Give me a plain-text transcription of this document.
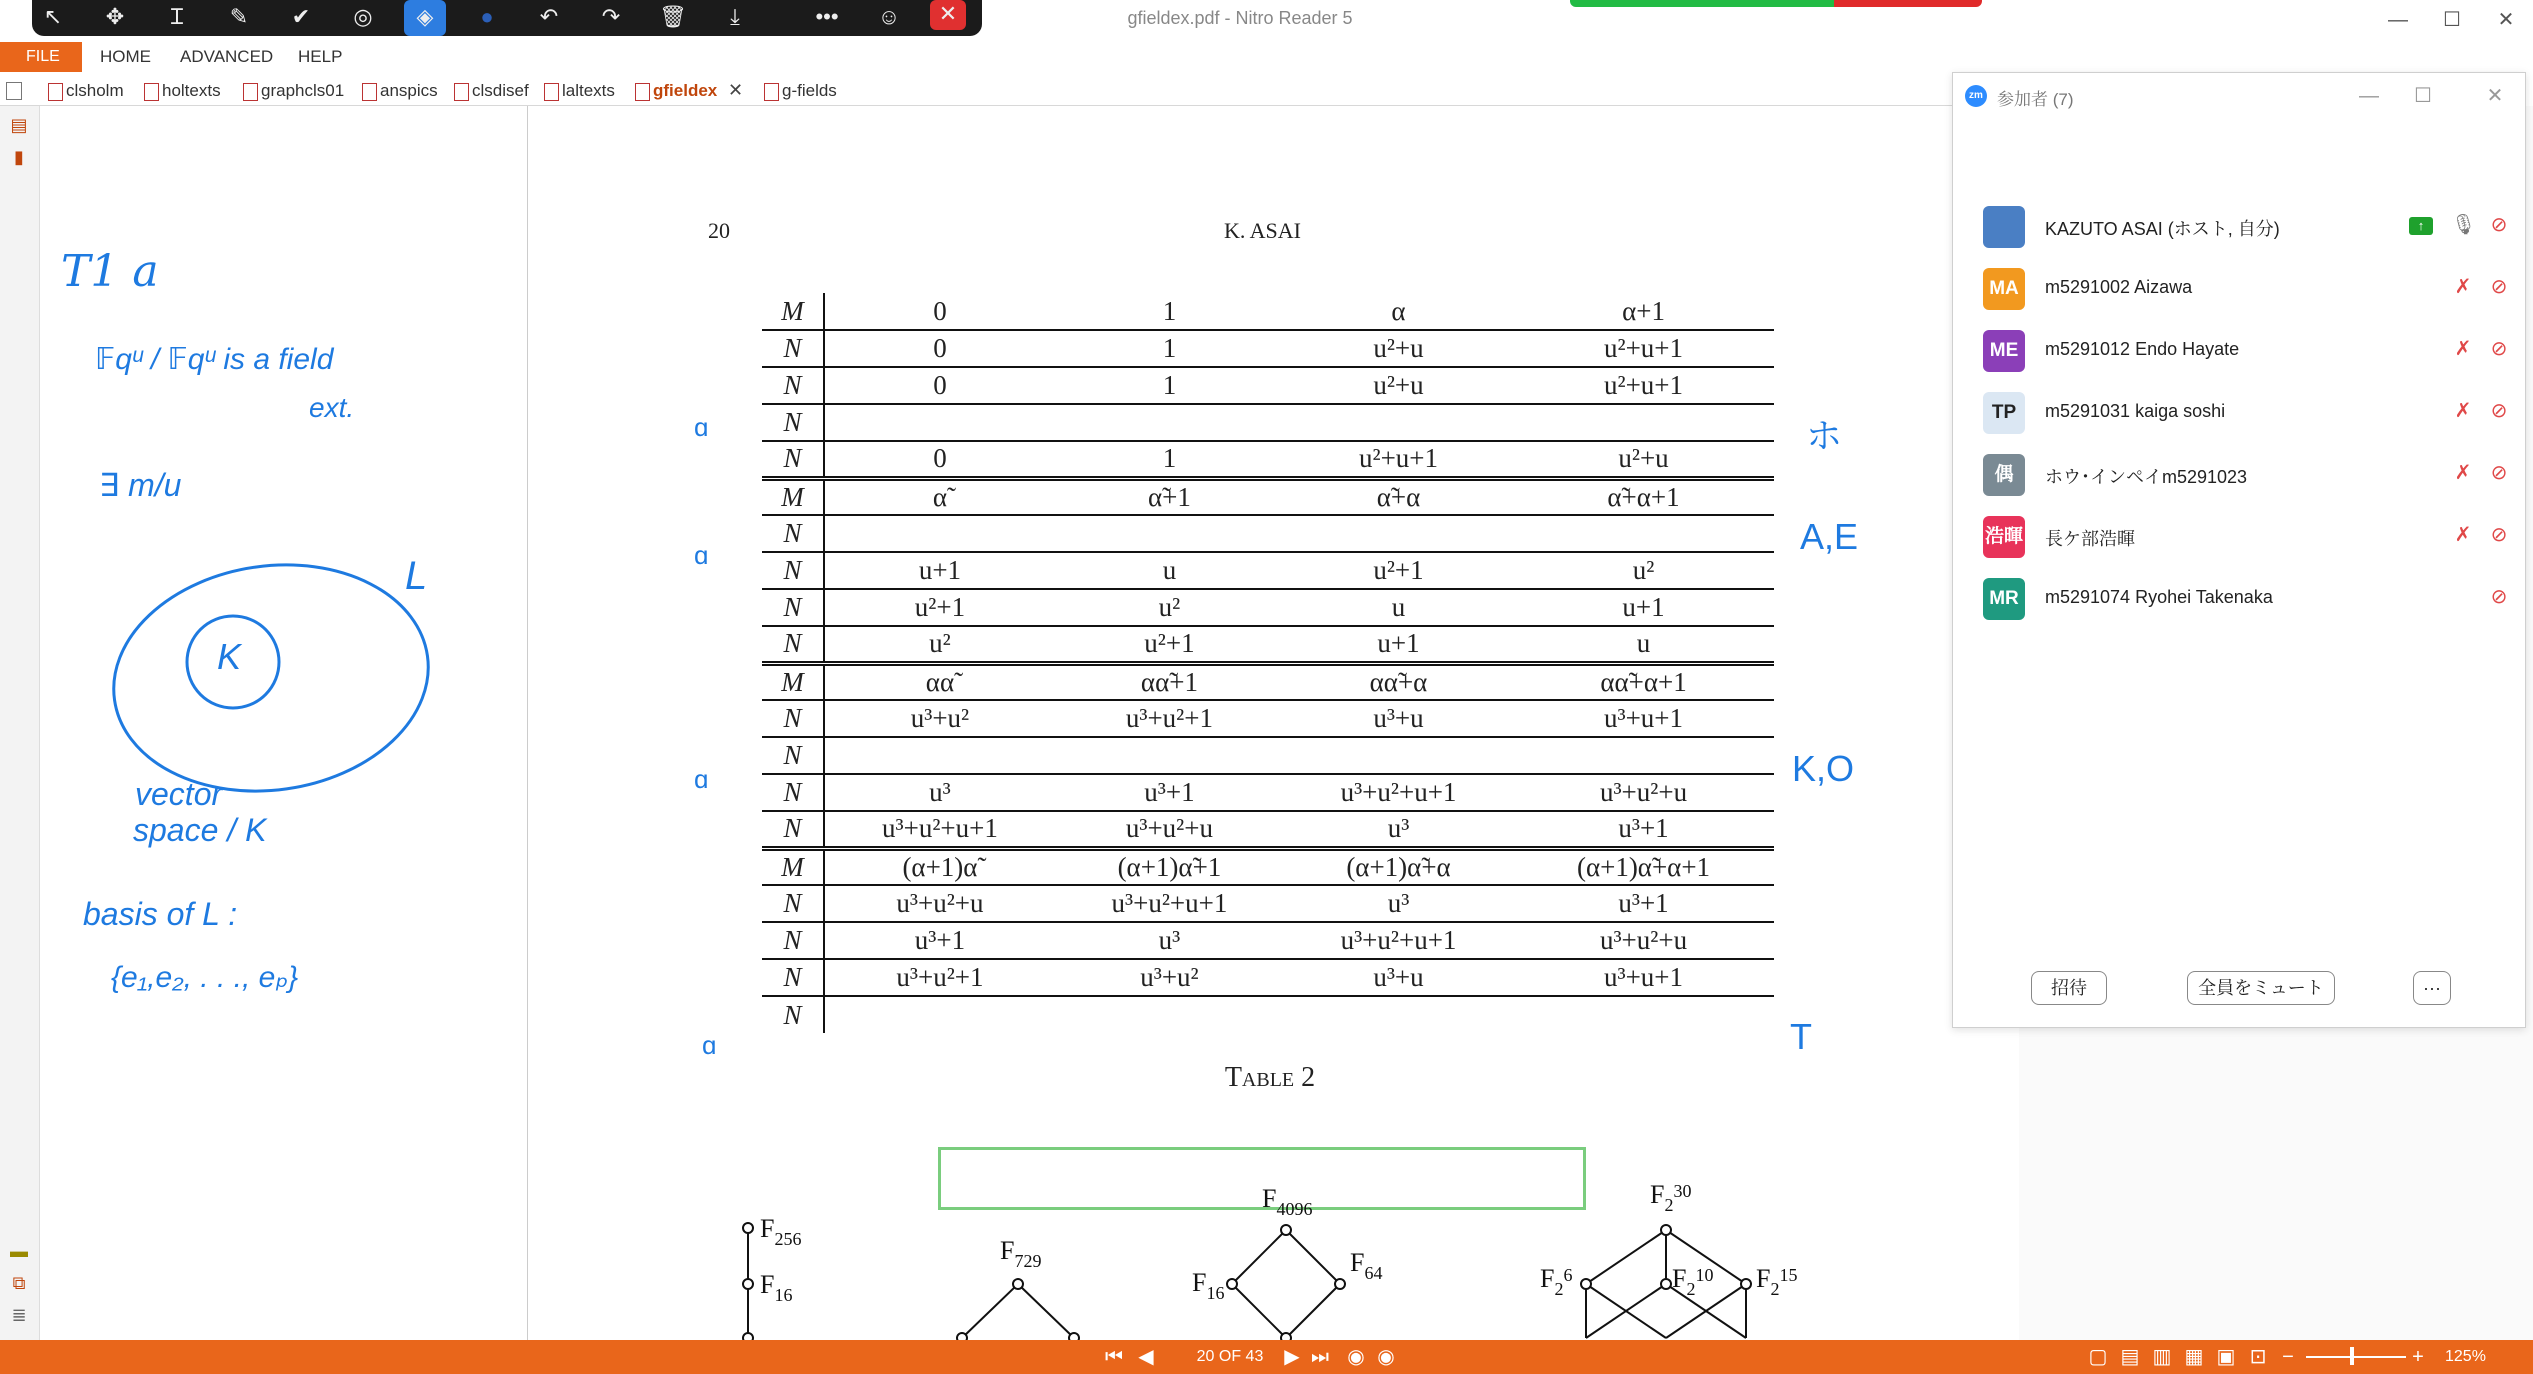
gfieldex.pdf - Nitro Reader 5	—	☐	✕
↖	✥	Ɪ	✎	✔	◎	◈	●	↶	↷	🗑	⤓	•••	☺	✕
FILE	HOME ADVANCED HELP
clsholm	holtexts	graphcls01	anspics	clsdisef	laltexts	gfieldex ✕	g-fields
▤
▮
▬
⧉
≣
T1 a
𝔽qᵘ / 𝔽qᵘ is a field
ext.
∃ m/u
L
K
vector
space / K
basis of L :
{e₁,e₂, . . ., eₚ}
20	K. ASAI
M	0	1	α	α+1
N	0	1	u²+u	u²+u+1
N	0	1	u²+u	u²+u+1
N				
N	0	1	u²+u+1	u²+u
M	α̃	α̃+1	α̃+α	α̃+α+1
N				
N	u+1	u	u²+1	u²
N	u²+1	u²	u	u+1
N	u²	u²+1	u+1	u
M	αα̃	αα̃+1	αα̃+α	αα̃+α+1
N	u³+u²	u³+u²+1	u³+u	u³+u+1
N				
N	u³	u³+1	u³+u²+u+1	u³+u²+u
N	u³+u²+u+1	u³+u²+u	u³	u³+1
M	(α+1)α̃	(α+1)α̃+1	(α+1)α̃+α	(α+1)α̃+α+1
N	u³+u²+u	u³+u²+u+1	u³	u³+1
N	u³+1	u³	u³+u²+u+1	u³+u²+u
N	u³+u²+1	u³+u²	u³+u	u³+u+1
N				
ɑ
ɑ
ɑ
ɑ
ホ
A,E
K,O
T
Table 2
$F_{256}$
$F_{16}$
$F_{729}$
$F_{4096}$
$F_{16}$
$F_{64}$
$F_2^{30}$
$F_2^6$	$F_2^{10}$ $F_2^{15}$
⏮ ◀	20 OF 43	▶ ⏭ ◉ ◉	▢ ▤ ▥ ▦ ▣ ⊡ −	+	125%
zm 参加者 (7)	—	☐	✕
KAZUTO ASAI (ホスト, 自分)	↑	🎙 ⊘
MA	m5291002 Aizawa	✗ ⊘
ME	m5291012 Endo Hayate	✗ ⊘
TP	m5291031 kaiga soshi	✗ ⊘
偶	ホウ･インペイm5291023	✗ ⊘
浩暉 長ケ部浩暉	✗ ⊘
MR	m5291074 Ryohei Takenaka	⊘
招待	全員をミュート	···
